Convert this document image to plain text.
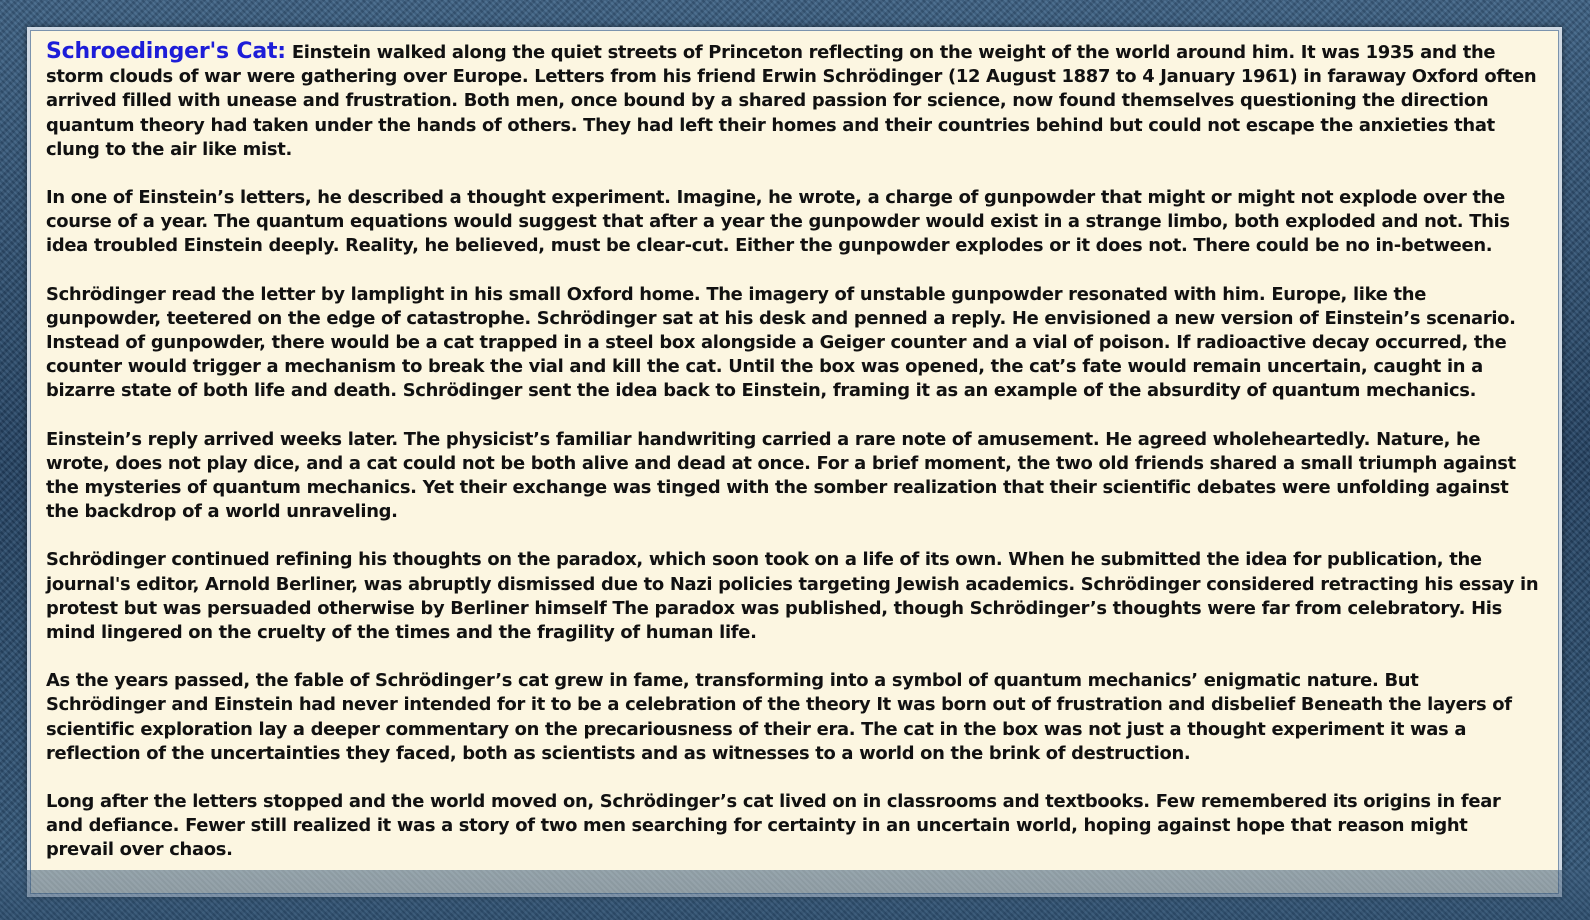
Schroedinger's Cat: Einstein walked along the quiet streets of Princeton reflecting on the weight of the world around him. It was 1935 and the storm clouds of war were gathering over Europe. Letters from his friend Erwin Schrödinger (12 August 1887 to 4 January 1961) in faraway Oxford often arrived filled with unease and frustration. Both men, once bound by a shared passion for science, now found themselves questioning the direction quantum theory had taken under the hands of others. They had left their homes and their countries behind but could not escape the anxieties that clung to the air like mist.

In one of Einstein’s letters, he described a thought experiment. Imagine, he wrote, a charge of gunpowder that might or might not explode over the course of a year. The quantum equations would suggest that after a year the gunpowder would exist in a strange limbo, both exploded and not. This idea troubled Einstein deeply. Reality, he believed, must be clear-cut. Either the gunpowder explodes or it does not. There could be no in-between.

Schrödinger read the letter by lamplight in his small Oxford home. The imagery of unstable gunpowder resonated with him. Europe, like the gunpowder, teetered on the edge of catastrophe. Schrödinger sat at his desk and penned a reply. He envisioned a new version of Einstein’s scenario. Instead of gunpowder, there would be a cat trapped in a steel box alongside a Geiger counter and a vial of poison. If radioactive decay occurred, the counter would trigger a mechanism to break the vial and kill the cat. Until the box was opened, the cat’s fate would remain uncertain, caught in a bizarre state of both life and death. Schrödinger sent the idea back to Einstein, framing it as an example of the absurdity of quantum mechanics.

Einstein’s reply arrived weeks later. The physicist’s familiar handwriting carried a rare note of amusement. He agreed wholeheartedly. Nature, he wrote, does not play dice, and a cat could not be both alive and dead at once. For a brief moment, the two old friends shared a small triumph against the mysteries of quantum mechanics. Yet their exchange was tinged with the somber realization that their scientific debates were unfolding against the backdrop of a world unraveling.

Schrödinger continued refining his thoughts on the paradox, which soon took on a life of its own. When he submitted the idea for publication, the journal's editor, Arnold Berliner, was abruptly dismissed due to Nazi policies targeting Jewish academics. Schrödinger considered retracting his essay in protest but was persuaded otherwise by Berliner himself The paradox was published, though Schrödinger’s thoughts were far from celebratory. His mind lingered on the cruelty of the times and the fragility of human life.

As the years passed, the fable of Schrödinger’s cat grew in fame, transforming into a symbol of quantum mechanics’ enigmatic nature. But Schrödinger and Einstein had never intended for it to be a celebration of the theory It was born out of frustration and disbelief Beneath the layers of scientific exploration lay a deeper commentary on the precariousness of their era. The cat in the box was not just a thought experiment it was a reflection of the uncertainties they faced, both as scientists and as witnesses to a world on the brink of destruction.

Long after the letters stopped and the world moved on, Schrödinger’s cat lived on in classrooms and textbooks. Few remembered its origins in fear and defiance. Fewer still realized it was a story of two men searching for certainty in an uncertain world, hoping against hope that reason might prevail over chaos.
